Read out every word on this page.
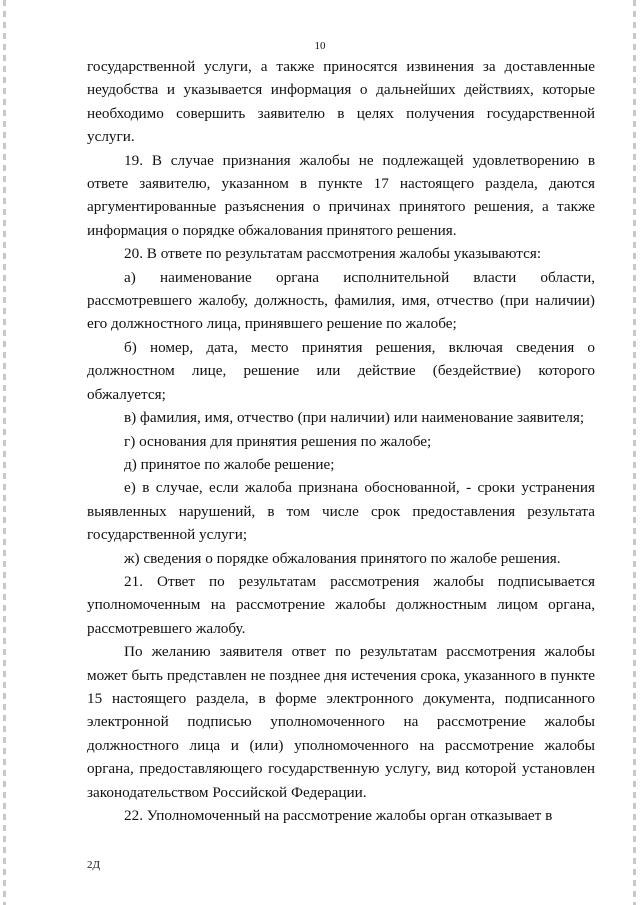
10

государственной услуги, а также приносятся извинения за доставленные неудобства и указывается информация о дальнейших действиях, которые необходимо совершить заявителю в целях получения государственной услуги.

19. В случае признания жалобы не подлежащей удовлетворению в ответе заявителю, указанном в пункте 17 настоящего раздела, даются аргументированные разъяснения о причинах принятого решения, а также информация о порядке обжалования принятого решения.

20. В ответе по результатам рассмотрения жалобы указываются:

а) наименование органа исполнительной власти области, рассмотревшего жалобу, должность, фамилия, имя, отчество (при наличии) его должностного лица, принявшего решение по жалобе;

б) номер, дата, место принятия решения, включая сведения о должностном лице, решение или действие (бездействие) которого обжалуется;

в) фамилия, имя, отчество (при наличии) или наименование заявителя;

г) основания для принятия решения по жалобе;

д) принятое по жалобе решение;

е) в случае, если жалоба признана обоснованной, - сроки устранения выявленных нарушений, в том числе срок предоставления результата государственной услуги;

ж) сведения о порядке обжалования принятого по жалобе решения.

21. Ответ по результатам рассмотрения жалобы подписывается уполномоченным на рассмотрение жалобы должностным лицом органа, рассмотревшего жалобу.

По желанию заявителя ответ по результатам рассмотрения жалобы может быть представлен не позднее дня истечения срока, указанного в пункте 15 настоящего раздела, в форме электронного документа, подписанного электронной подписью уполномоченного на рассмотрение жалобы должностного лица и (или) уполномоченного на рассмотрение жалобы органа, предоставляющего государственную услугу, вид которой установлен законодательством Российской Федерации.

22. Уполномоченный на рассмотрение жалобы орган отказывает в

2Д
